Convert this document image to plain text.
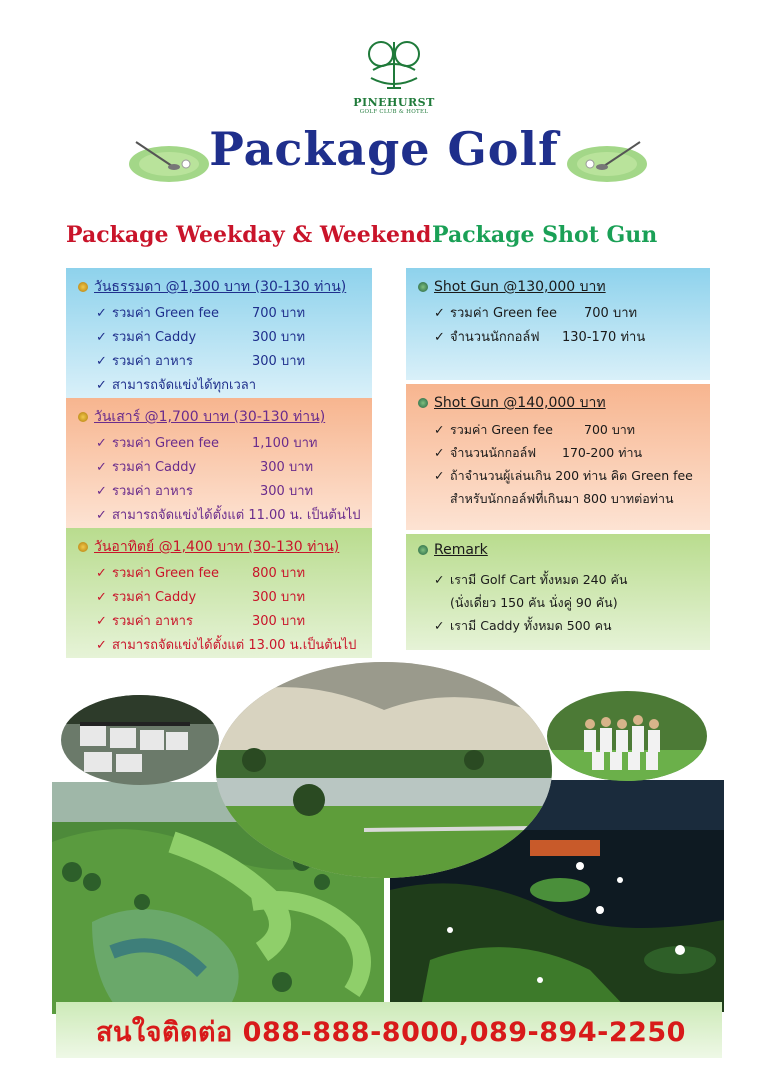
PINEHURST
GOLF CLUB & HOTEL
Package Golf
Package Weekday & Weekend Package Shot Gun
วันธรรมดา @1,300 บาท (30-130 ท่าน)
✓ รวมค่า Green fee	700 บาท
✓ รวมค่า Caddy	300 บาท
✓ รวมค่า อาหาร	300 บาท
✓ สามารถจัดแข่งได้ทุกเวลา
วันเสาร์ @1,700 บาท (30-130 ท่าน)
✓ รวมค่า Green fee	1,100 บาท
✓ รวมค่า Caddy	300 บาท
✓ รวมค่า อาหาร	300 บาท
✓ สามารถจัดแข่งได้ตั้งแต่ 11.00 น. เป็นต้นไป
วันอาทิตย์ @1,400 บาท (30-130 ท่าน)
✓ รวมค่า Green fee	800 บาท
✓ รวมค่า Caddy	300 บาท
✓ รวมค่า อาหาร	300 บาท
✓ สามารถจัดแข่งได้ตั้งแต่ 13.00 น.เป็นต้นไป
Shot Gun @130,000 บาท
✓ รวมค่า Green fee 700 บาท
✓ จำนวนนักกอล์ฟ 130-170 ท่าน
Shot Gun @140,000 บาท
✓ รวมค่า Green fee 700 บาท
✓ จำนวนนักกอล์ฟ 170-200 ท่าน
✓ ถ้าจำนวนผู้เล่นเกิน 200 ท่าน คิด Green fee
สำหรับนักกอล์ฟที่เกินมา 800 บาทต่อท่าน
Remark
✓ เรามี Golf Cart ทั้งหมด 240 คัน
(นั่งเดี่ยว 150 คัน นั่งคู่ 90 คัน)
✓ เรามี Caddy ทั้งหมด 500 คน
สนใจติดต่อ 088-888-8000,089-894-2250
